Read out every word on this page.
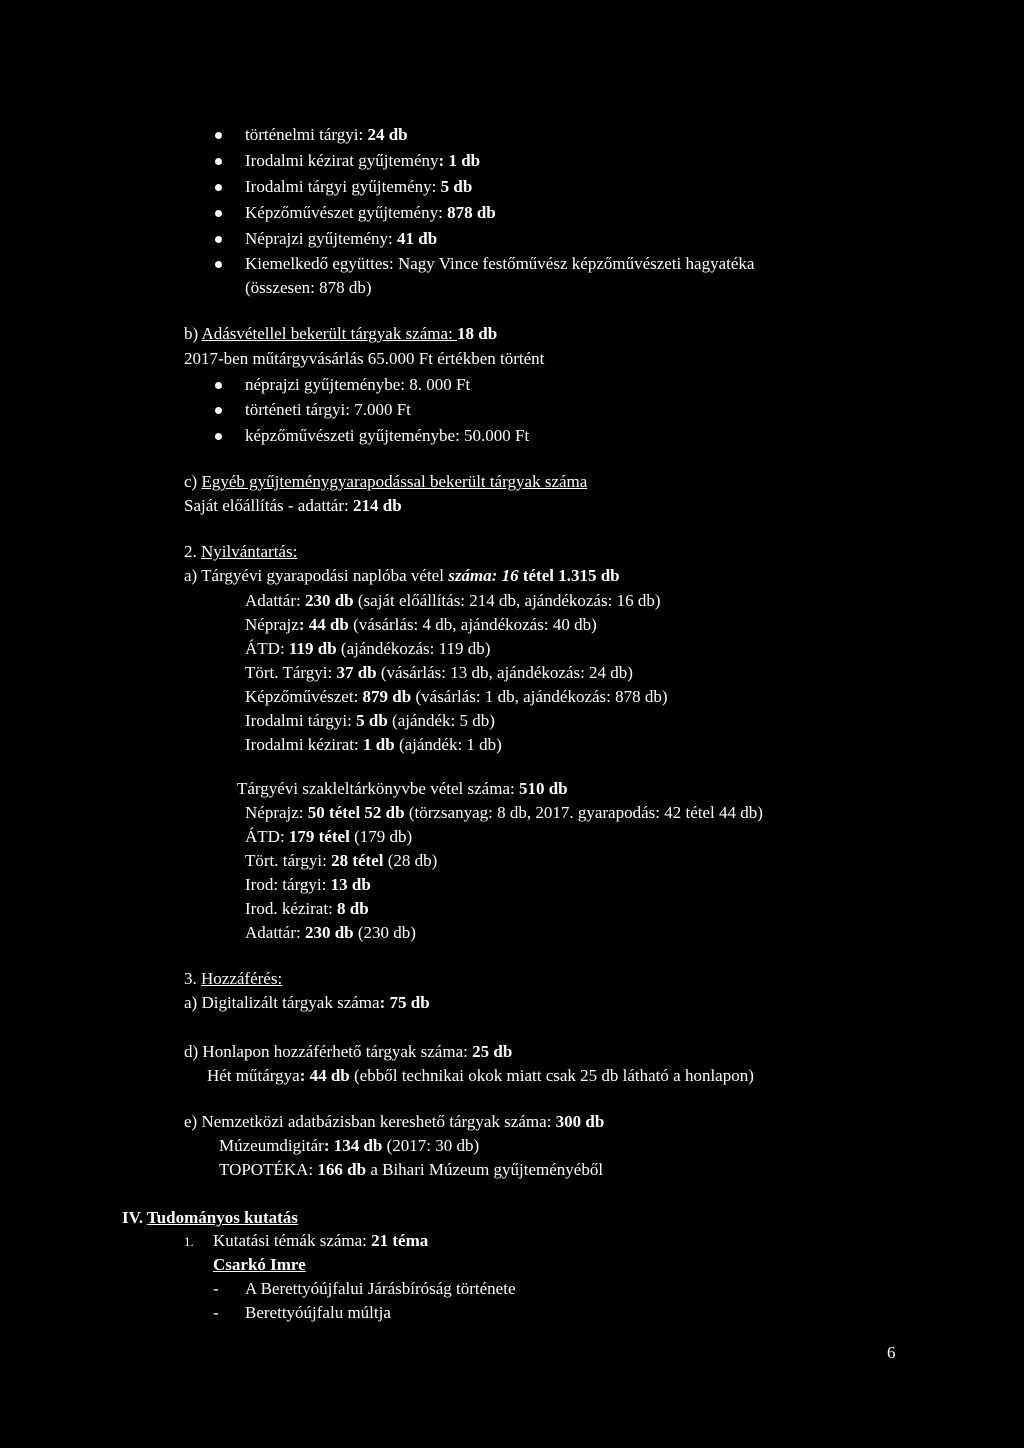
történelmi tárgyi: 24 db
Irodalmi kézirat gyűjtemény: 1 db
Irodalmi tárgyi gyűjtemény: 5 db
Képzőművészet gyűjtemény: 878 db
Néprajzi gyűjtemény: 41 db
Kiemelkedő együttes: Nagy Vince festőművész képzőművészeti hagyatéka
(összesen: 878 db)
b) Adásvétellel bekerült tárgyak száma: 18 db
2017-ben műtárgyvásárlás 65.000 Ft értékben történt
néprajzi gyűjteménybe: 8. 000 Ft
történeti tárgyi: 7.000 Ft
képzőművészeti gyűjteménybe: 50.000 Ft
c) Egyéb gyűjteménygyarapodással bekerült tárgyak száma
Saját előállítás - adattár: 214 db
2. Nyilvántartás:
a) Tárgyévi gyarapodási naplóba vétel száma: 16 tétel 1.315 db
Adattár: 230 db (saját előállítás: 214 db, ajándékozás: 16 db)
Néprajz: 44 db (vásárlás: 4 db, ajándékozás: 40 db)
ÁTD: 119 db (ajándékozás: 119 db)
Tört. Tárgyi: 37 db (vásárlás: 13 db, ajándékozás: 24 db)
Képzőművészet: 879 db (vásárlás: 1 db, ajándékozás: 878 db)
Irodalmi tárgyi: 5 db (ajándék: 5 db)
Irodalmi kézirat: 1 db (ajándék: 1 db)
Tárgyévi szakleltárkönyvbe vétel száma: 510 db
Néprajz: 50 tétel 52 db (törzsanyag: 8 db, 2017. gyarapodás: 42 tétel 44 db)
ÁTD: 179 tétel (179 db)
Tört. tárgyi: 28 tétel (28 db)
Irod: tárgyi: 13 db
Irod. kézirat: 8 db
Adattár: 230 db (230 db)
3. Hozzáférés:
a) Digitalizált tárgyak száma: 75 db
d) Honlapon hozzáférhető tárgyak száma: 25 db
Hét műtárgya: 44 db (ebből technikai okok miatt csak 25 db látható a honlapon)
e) Nemzetközi adatbázisban kereshető tárgyak száma: 300 db
Múzeumdigitár: 134 db (2017: 30 db)
TOPOTÉKA: 166 db a Bihari Múzeum gyűjteményéből
IV. Tudományos kutatás
1. Kutatási témák száma: 21 téma
Csarkó Imre
- A Berettyóújfalui Járásbíróság története
- Berettyóújfalu múltja
6
